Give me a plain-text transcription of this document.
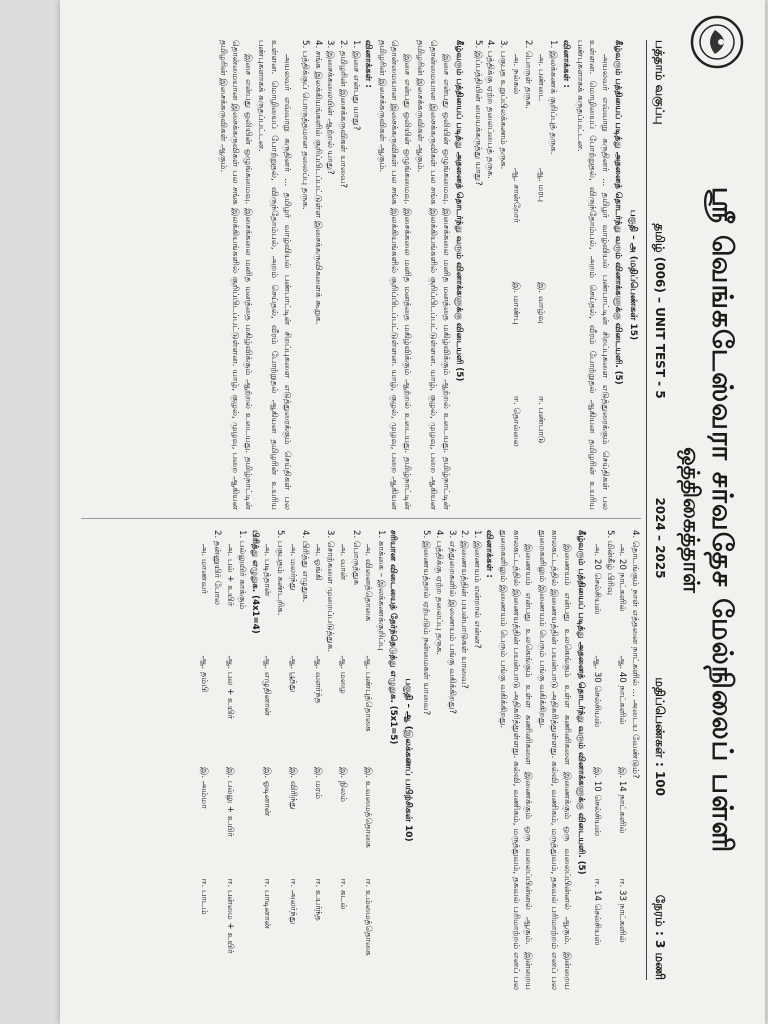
ஸ்ரீ வெங்கடேஸ்வரா சர்வதேச மேல்நிலைப் பள்ளி
ஒத்திகைத்தாள்
பத்தாம் வகுப்பு
தமிழ் (006) – UNIT TEST - 5
2024 – 2025
மதிப்பெண்கள் : 100
நேரம் : 3 மணி
பகுதி – அ (மதிப்பெண்கள் 15)

கீழ்வரும் பத்தியைப் படித்து அதனைத் தொடர்ந்து வரும் வினாக்களுக்கு விடையளி. (5)

அயலவர் எவ்வாறு கருதினர் ... தமிழர் வாழ்வியல் பண்பாட்டின் சிறப்புகளை எடுத்துரைக்கும் செய்திகள் பல உள்ளன. மொழியைப் போற்றுதல், விருந்தோம்பல், அறம் செய்தல், வீரம் போற்றுதல் ஆகியன தமிழரின் உயரிய பண்புகளாகக் கருதப்பட்டன.

வினாக்கள் :

1. இலக்கணக் குறிப்புத் தருக.

அ. பண்டை
ஆ. மரபு
இ. வாழ்வு
ஈ. பண்பாடு

2. பொருள் தருக.

அ. நல்கல்
ஆ. சான்றோர்
இ. மாண்பு
ஈ. தொல்லை

3. பகுபத உறுப்பிலக்கணம் தருக.

4. பத்திக்கு ஏற்ற தலைப்பைத் தருக.

5. இப்பத்தியின் மையக்கருத்து யாது?

கீழ்வரும் பத்தியைப் படித்து அதனைத் தொடர்ந்து வரும் வினாக்களுக்கு விடையளி (5)

இசை என்பது ஒலியின் ஒழுங்கமைவு. இசைக்கலை மனித மனத்தை மகிழ்விக்கும் ஆற்றல் உடையது. தமிழ்நாட்டின் தொன்மையான இசைக்கருவிகள் பல சங்க இலக்கியங்களில் குறிப்பிடப்பட்டுள்ளன. யாழ், குழல், முழவு, பறை ஆகியன தமிழரின் இசைக்கருவிகள் ஆகும்.

இசை என்பது ஒலியின் ஒழுங்கமைவு. இசைக்கலை மனித மனத்தை மகிழ்விக்கும் ஆற்றல் உடையது. தமிழ்நாட்டின் தொன்மையான இசைக்கருவிகள் பல சங்க இலக்கியங்களில் குறிப்பிடப்பட்டுள்ளன. யாழ், குழல், முழவு, பறை ஆகியன தமிழரின் இசைக்கருவிகள் ஆகும்.

வினாக்கள் :

1. இசை என்பது யாது?

2. தமிழரின் இசைக்கருவிகள் யாவை?

3. இசைக்கலையின் ஆற்றல் யாது?

4. சங்க இலக்கியங்களில் குறிப்பிடப்பட்டுள்ள இசைக்கருவிகளைக் கூறுக.

5. பத்திக்குப் பொருத்தமான தலைப்பு தருக.

அயலவர் எவ்வாறு கருதினர் ... தமிழர் வாழ்வியல் பண்பாட்டின் சிறப்புகளை எடுத்துரைக்கும் செய்திகள் பல உள்ளன. மொழியைப் போற்றுதல், விருந்தோம்பல், அறம் செய்தல், வீரம் போற்றுதல் ஆகியன தமிழரின் உயரிய பண்புகளாகக் கருதப்பட்டன.

இசை என்பது ஒலியின் ஒழுங்கமைவு. இசைக்கலை மனித மனத்தை மகிழ்விக்கும் ஆற்றல் உடையது. தமிழ்நாட்டின் தொன்மையான இசைக்கருவிகள் பல சங்க இலக்கியங்களில் குறிப்பிடப்பட்டுள்ளன. யாழ், குழல், முழவு, பறை ஆகியன தமிழரின் இசைக்கருவிகள் ஆகும்.

4. தொடங்கும் நாள் எத்தனை நாட்களில் ... அடைய வேண்டும்?

அ. 20 நாட்களில்
ஆ. 40 நாட்களில்
இ. 14 நாட்களில்
ஈ. 33 நாட்களில்

5. மின்கீழ் பிரிவு

அ. 20 செல்சியஸ்
ஆ. 30 செல்சியஸ்
இ. 10 செல்சியஸ்
ஈ. 14 செல்சியஸ்

கீழ்வரும் பத்தியைப் படித்து அதனைத் தொடர்ந்து வரும் வினாக்களுக்கு விடையளி. (5)

இணையம் என்பது உலகெங்கும் உள்ள கணினிகளை இணைக்கும் ஒரு வலைப்பின்னல் ஆகும். இன்றைய காலகட்டத்தில் இணையத்தின் பயன்பாடு அதிகரித்துள்ளது. கல்வி, வணிகம், மருத்துவம், தகவல் பரிமாற்றம் எனப் பல துறைகளிலும் இணையம் பெரும் பங்கு வகிக்கிறது.

இணையம் என்பது உலகெங்கும் உள்ள கணினிகளை இணைக்கும் ஒரு வலைப்பின்னல் ஆகும். இன்றைய காலகட்டத்தில் இணையத்தின் பயன்பாடு அதிகரித்துள்ளது. கல்வி, வணிகம், மருத்துவம், தகவல் பரிமாற்றம் எனப் பல துறைகளிலும் இணையம் பெரும் பங்கு வகிக்கிறது.

வினாக்கள் :

1. இணையம் என்றால் என்ன?

2. இணையத்தின் பயன்பாடுகள் யாவை?

3. எத்துறைகளில் இணையம் பங்கு வகிக்கிறது?

4. பத்திக்கு ஏற்ற தலைப்பு தருக.

5. இணையத்தால் ஏற்படும் நன்மைகள் யாவை?

பகுதி – ஆ (இலக்கணப் பயிற்சிகள் 10)

சரியான விடையைத் தேர்ந்தெடுத்து எழுதுக. (5x1=5)

1. காக்கை – இலக்கணக்குறிப்பு

அ. வினைத்தொகை
ஆ. பண்புத்தொகை
இ. உவமைத்தொகை
ஈ. உம்மைத்தொகை

2. பொருத்துக

அ. வான்
ஆ. மழை
இ. நிலம்
ஈ. கடல்

3. சொற்களை முறைப்படுத்துக.

அ. ஓங்கி
ஆ. வளர்ந்த
இ. மரம்
ஈ. உயர்ந்த

4. பிரித்து எழுதுக.

அ. மலர்ந்து
ஆ. பூத்து
இ. விரிந்து
ஈ. அலர்ந்து

5. பகுபதம் கண்டறிக.

அ. படித்தான்
ஆ. எழுதினான்
இ. ஓடினான்
ஈ. பாடினான்

பிரித்து எழுதுக. (4x1=4)

1. பல்லுயிர் காக்கும்

அ. பல் + உயிர்
ஆ. பல + உயிர்
இ. பல்லு + உயிர்
ஈ. பன்மை + உயிர்

2. தன்னுயிர் போல

அ. மாணவர்
ஆ. தம்பி
இ. அம்மா
ஈ. பாடம்
